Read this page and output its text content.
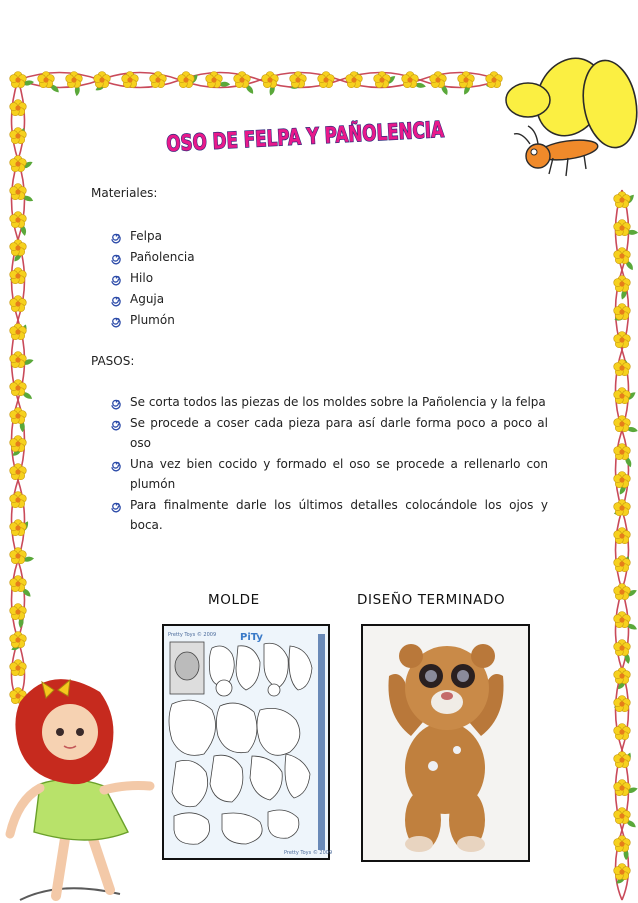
OSO DE FELPA Y PAÑOLENCIA
Materiales:
Felpa
Pañolencia
Hilo
Aguja
Plumón
PASOS:
Se corta todos las piezas de los moldes sobre la Pañolencia y la felpa
Se procede a coser cada pieza para así darle forma poco a poco al oso
Una vez bien cocido y formado el oso se procede a rellenarlo con plumón
Para finalmente darle los últimos detalles colocándole los ojos y boca.
MOLDE	DISEÑO TERMINADO
Pretty Toys © 2009 PiTy
Pretty Toys © 2009
